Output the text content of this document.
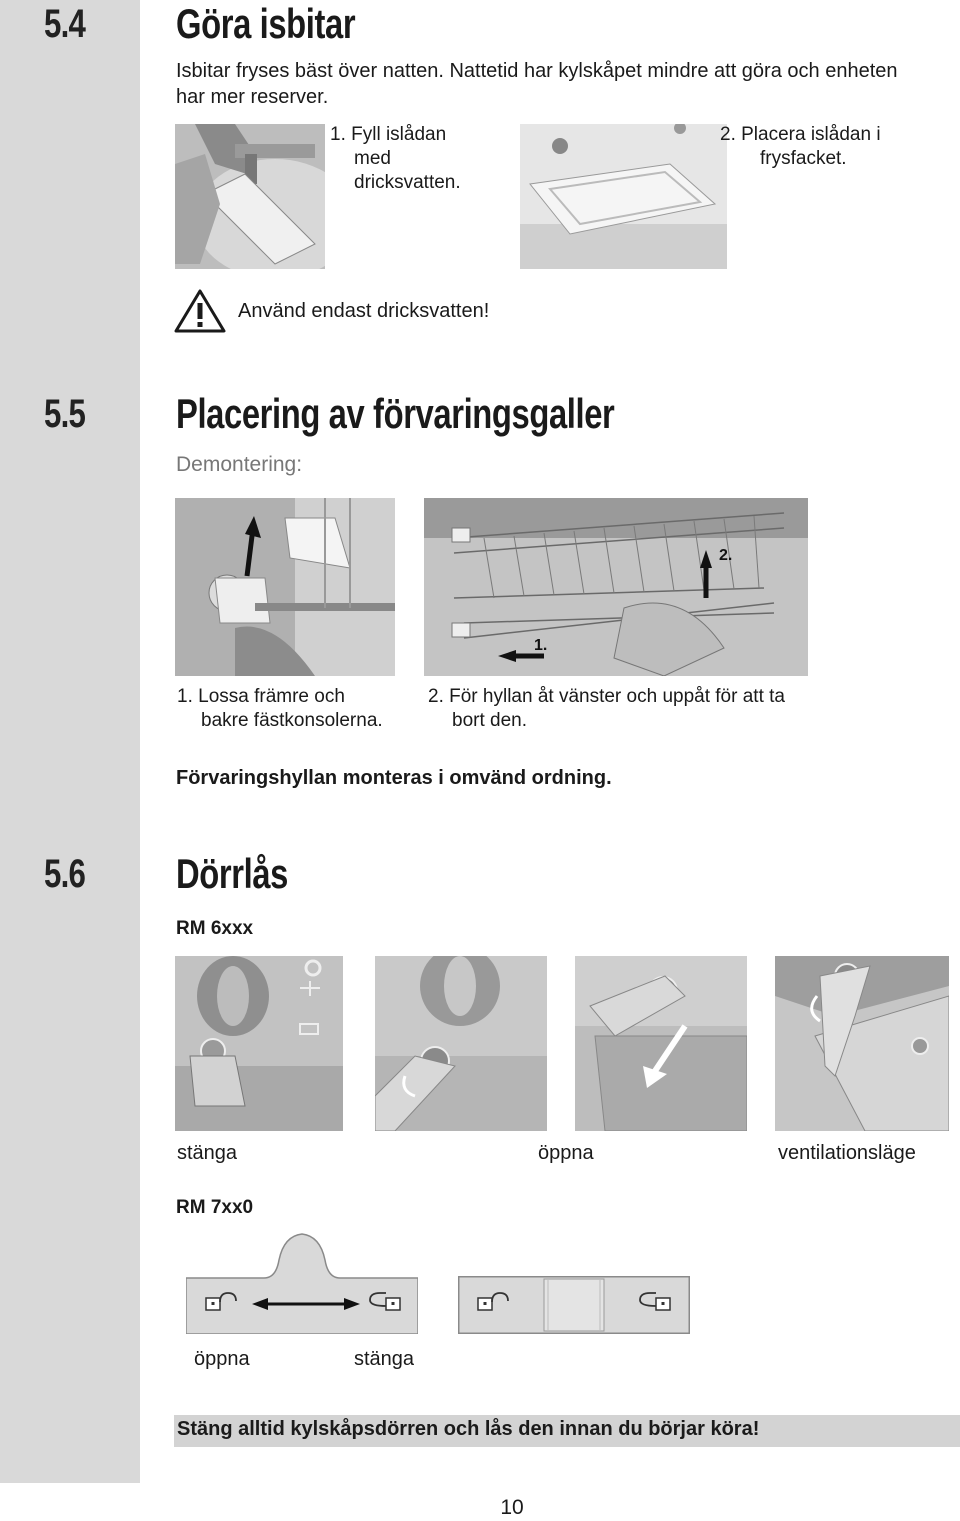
5.4 Göra isbitar
Isbitar fryses bäst över natten. Nattetid har kylskåpet mindre att göra och enheten har mer reserver.
1. Fyll islådan
med
dricksvatten.
2. Placera islådan i
frysfacket.
Använd endast dricksvatten!
5.5 Placering av förvaringsgaller
Demontering:
2.
1.
1. Lossa främre och
bakre fästkonsolerna.
2. För hyllan åt vänster och uppåt för att ta
bort den.
Förvaringshyllan monteras i omvänd ordning.
5.6 Dörrlås
RM 6xxx
stänga	öppna	ventilationsläge
RM 7xx0
öppna	stänga
Stäng alltid kylskåpsdörren och lås den innan du börjar köra!
10
